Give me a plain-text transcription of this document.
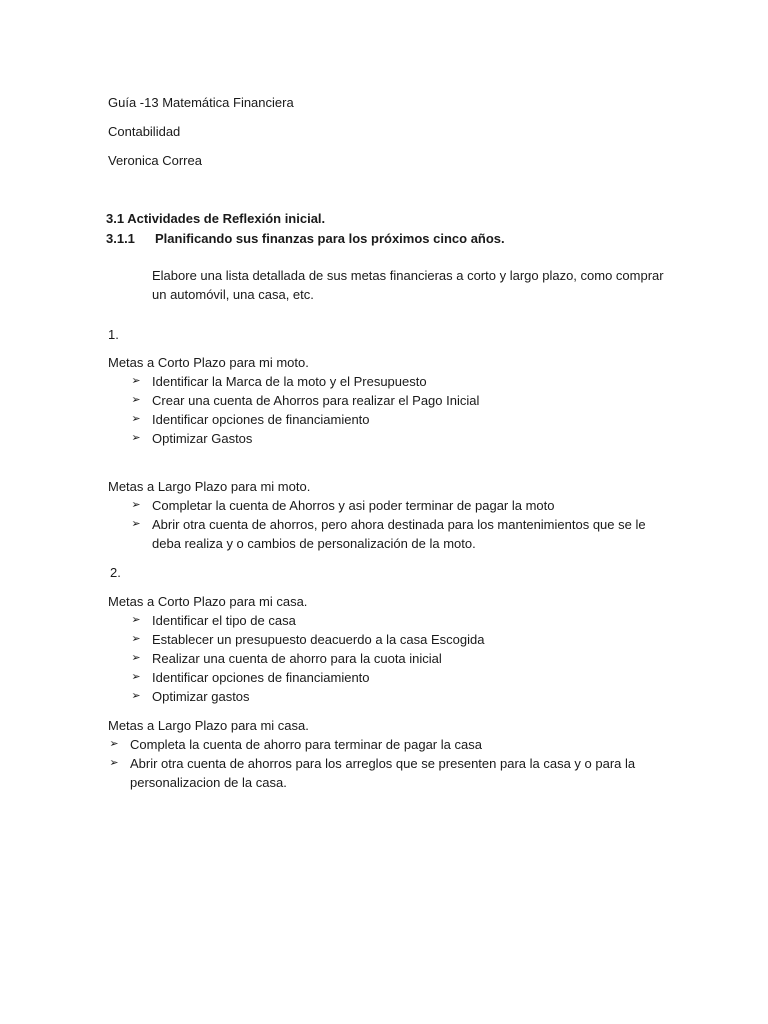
Guía -13 Matemática Financiera
Contabilidad
Veronica Correa
3.1 Actividades de Reflexión inicial.
3.1.1 Planificando sus finanzas para los próximos cinco años.
Elabore una lista detallada de sus metas financieras a corto y largo plazo, como comprar
un automóvil, una casa, etc.
1.
Metas a Corto Plazo para mi moto.
➢ Identificar la Marca de la moto y el Presupuesto
➢ Crear una cuenta de Ahorros para realizar el Pago Inicial
➢ Identificar opciones de financiamiento
➢ Optimizar Gastos
Metas a Largo Plazo para mi moto.
➢ Completar la cuenta de Ahorros y asi poder terminar de pagar la moto
➢ Abrir otra cuenta de ahorros, pero ahora destinada para los mantenimientos que se le
deba realiza y o cambios de personalización de la moto.
2.
Metas a Corto Plazo para mi casa.
➢ Identificar el tipo de casa
➢ Establecer un presupuesto deacuerdo a la casa Escogida
➢ Realizar una cuenta de ahorro para la cuota inicial
➢ Identificar opciones de financiamiento
➢ Optimizar gastos
Metas a Largo Plazo para mi casa.
➢ Completa la cuenta de ahorro para terminar de pagar la casa
➢ Abrir otra cuenta de ahorros para los arreglos que se presenten para la casa y o para la
personalizacion de la casa.
